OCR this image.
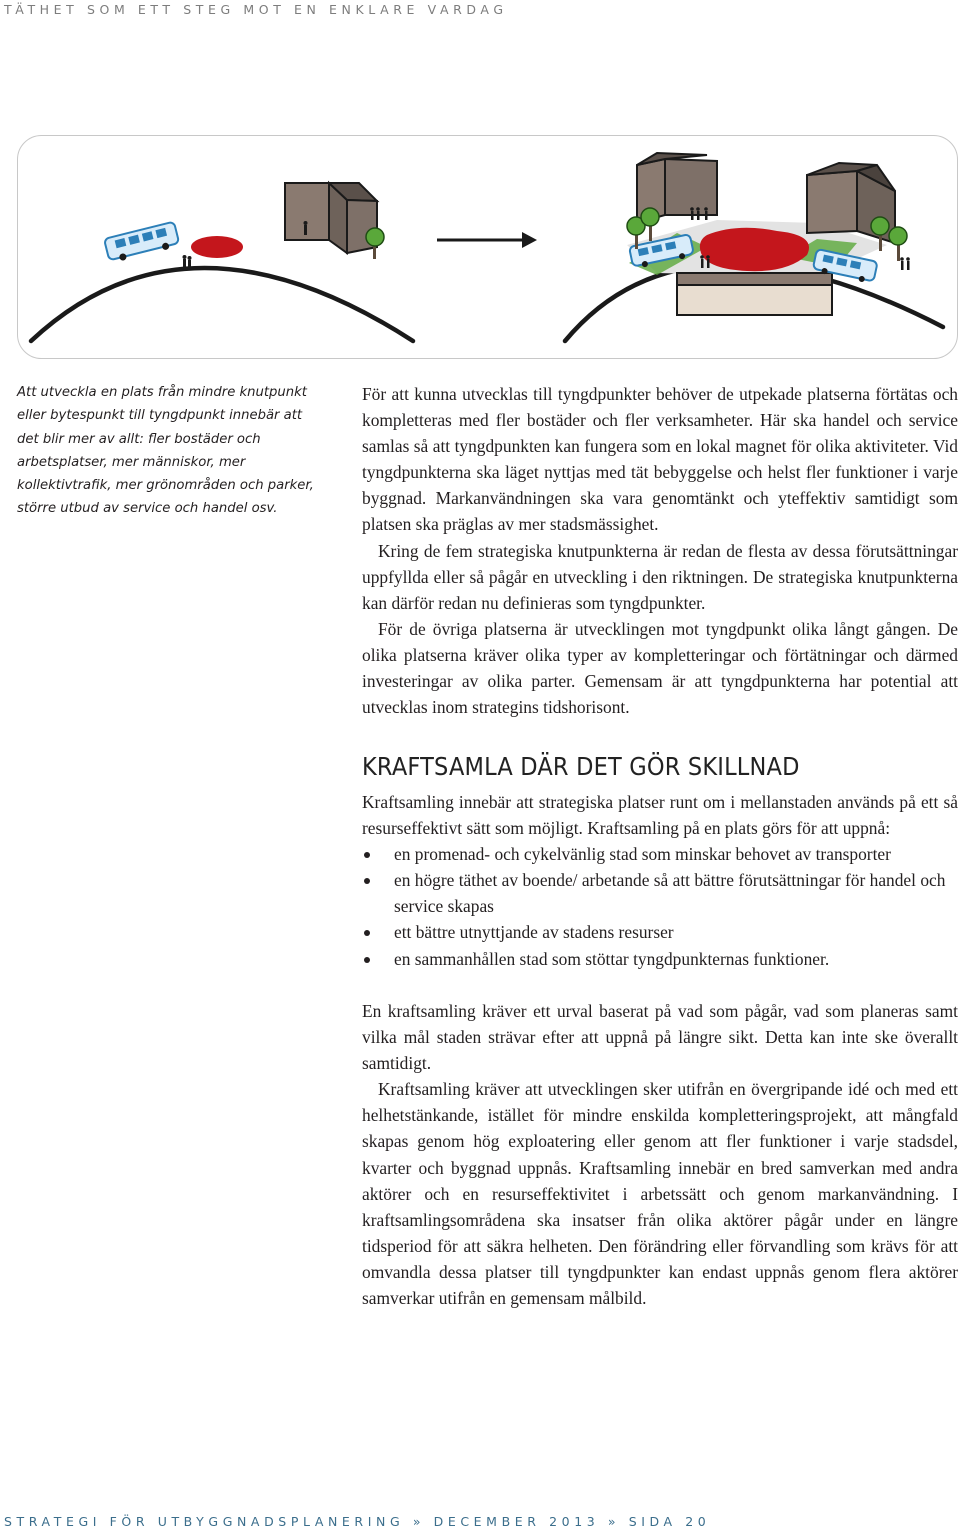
TÄTHET SOM ETT STEG MOT EN ENKLARE VARDAG
Att utveckla en plats från mindre knutpunkt eller bytespunkt till tyngdpunkt innebär att det blir mer av allt: fler bostäder och arbetsplatser, mer människor, mer kollektivtrafik, mer grönområden och parker, större utbud av service och handel osv.

För att kunna utvecklas till tyngdpunkter behöver de utpekade platserna förtätas och kompletteras med fler bostäder och fler verksamheter. Här ska handel och service samlas så att tyngdpunkten kan fungera som en lokal magnet för olika aktiviteter. Vid tyngdpunkterna ska läget nyttjas med tät bebyggelse och helst fler funktioner i varje byggnad. Markanvändningen ska vara genomtänkt och yteffektiv samtidigt som platsen ska präglas av mer stadsmässighet.

Kring de fem strategiska knutpunkterna är redan de flesta av dessa förutsättningar uppfyllda eller så pågår en utveckling i den riktningen. De strategiska knutpunkterna kan därför redan nu definieras som tyngdpunkter.

För de övriga platserna är utvecklingen mot tyngdpunkt olika långt gången. De olika platserna kräver olika typer av kompletteringar och förtätningar och därmed investeringar av olika parter. Gemensam är att tyngdpunkterna har potential att utvecklas inom strategins tidshorisont.

KRAFTSAMLA DÄR DET GÖR SKILLNAD

Kraftsamling innebär att strategiska platser runt om i mellanstaden används på ett så resurseffektivt sätt som möjligt. Kraftsamling på en plats görs för att uppnå:

en promenad- och cykelvänlig stad som minskar behovet av transporter
en högre täthet av boende/ arbetande så att bättre förutsättningar för handel och service skapas
ett bättre utnyttjande av stadens resurser
en sammanhållen stad som stöttar tyngdpunkternas funktioner.

En kraftsamling kräver ett urval baserat på vad som pågår, vad som planeras samt vilka mål staden strävar efter att uppnå på längre sikt. Detta kan inte ske överallt samtidigt.

Kraftsamling kräver att utvecklingen sker utifrån en övergripande idé och med ett helhetstänkande, istället för mindre enskilda kompletteringsprojekt, att mångfald skapas genom hög exploatering eller genom att fler funktioner i varje stadsdel, kvarter och byggnad uppnås. Kraftsamling innebär en bred samverkan med andra aktörer och en resurseffektivitet i arbetssätt och genom markanvändning. I kraftsamlingsområdena ska insatser från olika aktörer pågår under en längre tidsperiod för att säkra helheten. Den förändring eller förvandling som krävs för att omvandla dessa platser till tyngdpunkter kan endast uppnås genom flera aktörer samverkar utifrån en gemensam målbild.

STRATEGI FÖR UTBYGGNADSPLANERING » DECEMBER 2013 » SIDA 20
